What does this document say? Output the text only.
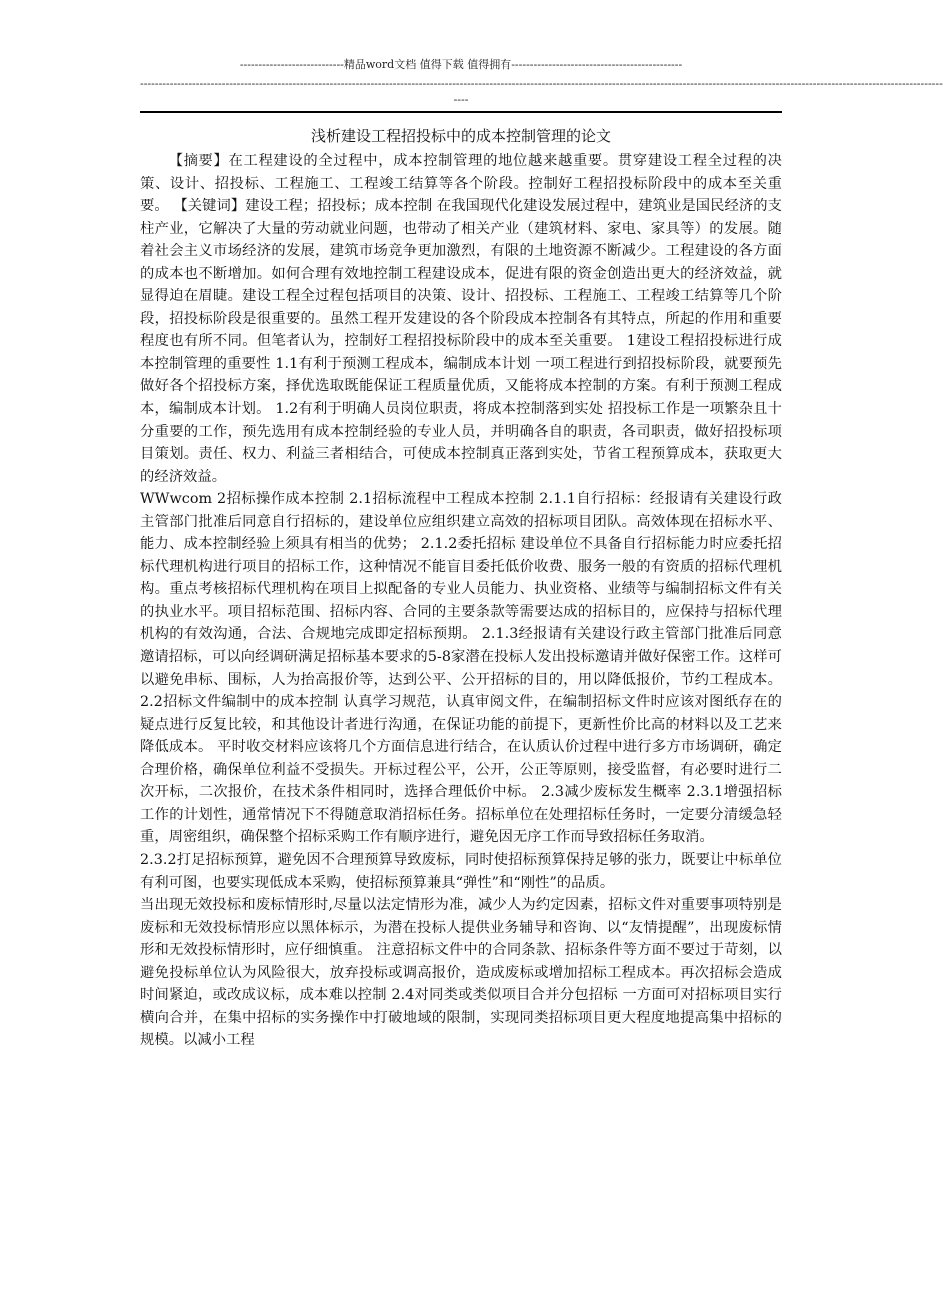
----------------------------精品word文档 值得下载 值得拥有----------------------------------------------
------------------------------------------------------------------------------------------------------------------------------------------------------------------------------------------------------------------------
----
浅析建设工程招投标中的成本控制管理的论文

【摘要】在工程建设的全过程中，成本控制管理的地位越来越重要。贯穿建设工程全过程的决策、设计、招投标、工程施工、工程竣工结算等各个阶段。控制好工程招投标阶段中的成本至关重要。 【关键词】建设工程；招投标；成本控制 在我国现代化建设发展过程中，建筑业是国民经济的支柱产业，它解决了大量的劳动就业问题，也带动了相关产业（建筑材料、家电、家具等）的发展。随着社会主义市场经济的发展，建筑市场竞争更加激烈，有限的土地资源不断减少。工程建设的各方面的成本也不断增加。如何合理有效地控制工程建设成本，促进有限的资金创造出更大的经济效益，就显得迫在眉睫。建设工程全过程包括项目的决策、设计、招投标、工程施工、工程竣工结算等几个阶段，招投标阶段是很重要的。虽然工程开发建设的各个阶段成本控制各有其特点，所起的作用和重要程度也有所不同。但笔者认为，控制好工程招投标阶段中的成本至关重要。 1建设工程招投标进行成本控制管理的重要性 1.1有利于预测工程成本，编制成本计划 一项工程进行到招投标阶段，就要预先做好各个招投标方案，择优选取既能保证工程质量优质，又能将成本控制的方案。有利于预测工程成本，编制成本计划。 1.2有利于明确人员岗位职责，将成本控制落到实处 招投标工作是一项繁杂且十分重要的工作，预先选用有成本控制经验的专业人员，并明确各自的职责，各司职责，做好招投标项目策划。责任、权力、利益三者相结合，可使成本控制真正落到实处，节省工程预算成本，获取更大的经济效益。

WWwcom 2招标操作成本控制 2.1招标流程中工程成本控制 2.1.1自行招标：经报请有关建设行政主管部门批准后同意自行招标的，建设单位应组织建立高效的招标项目团队。高效体现在招标水平、能力、成本控制经验上须具有相当的优势； 2.1.2委托招标 建设单位不具备自行招标能力时应委托招标代理机构进行项目的招标工作，这种情况不能盲目委托低价收费、服务一般的有资质的招标代理机构。重点考核招标代理机构在项目上拟配备的专业人员能力、执业资格、业绩等与编制招标文件有关的执业水平。项目招标范围、招标内容、合同的主要条款等需要达成的招标目的，应保持与招标代理机构的有效沟通，合法、合规地完成即定招标预期。 2.1.3经报请有关建设行政主管部门批准后同意邀请招标，可以向经调研满足招标基本要求的5-8家潜在投标人发出投标邀请并做好保密工作。这样可以避免串标、围标，人为抬高报价等，达到公平、公开招标的目的，用以降低报价，节约工程成本。 2.2招标文件编制中的成本控制 认真学习规范，认真审阅文件，在编制招标文件时应该对图纸存在的疑点进行反复比较，和其他设计者进行沟通，在保证功能的前提下，更新性价比高的材料以及工艺来降低成本。 平时收交材料应该将几个方面信息进行结合，在认质认价过程中进行多方市场调研，确定合理价格，确保单位利益不受损失。开标过程公平，公开，公正等原则，接受监督，有必要时进行二次开标，二次报价，在技术条件相同时，选择合理低价中标。 2.3减少废标发生概率 2.3.1增强招标工作的计划性，通常情况下不得随意取消招标任务。招标单位在处理招标任务时，一定要分清缓急轻重，周密组织，确保整个招标采购工作有顺序进行，避免因无序工作而导致招标任务取消。

2.3.2打足招标预算，避免因不合理预算导致废标，同时使招标预算保持足够的张力，既要让中标单位有利可图，也要实现低成本采购，使招标预算兼具“弹性”和“刚性”的品质。

当出现无效投标和废标情形时,尽量以法定情形为准，减少人为约定因素，招标文件对重要事项特别是废标和无效投标情形应以黑体标示，为潜在投标人提供业务辅导和咨询、以“友情提醒”，出现废标情形和无效投标情形时，应仔细慎重。 注意招标文件中的合同条款、招标条件等方面不要过于苛刻，以避免投标单位认为风险很大，放弃投标或调高报价，造成废标或增加招标工程成本。再次招标会造成时间紧迫，或改成议标，成本难以控制 2.4对同类或类似项目合并分包招标 一方面可对招标项目实行横向合并，在集中招标的实务操作中打破地域的限制，实现同类招标项目更大程度地提高集中招标的规模。以减小工程
